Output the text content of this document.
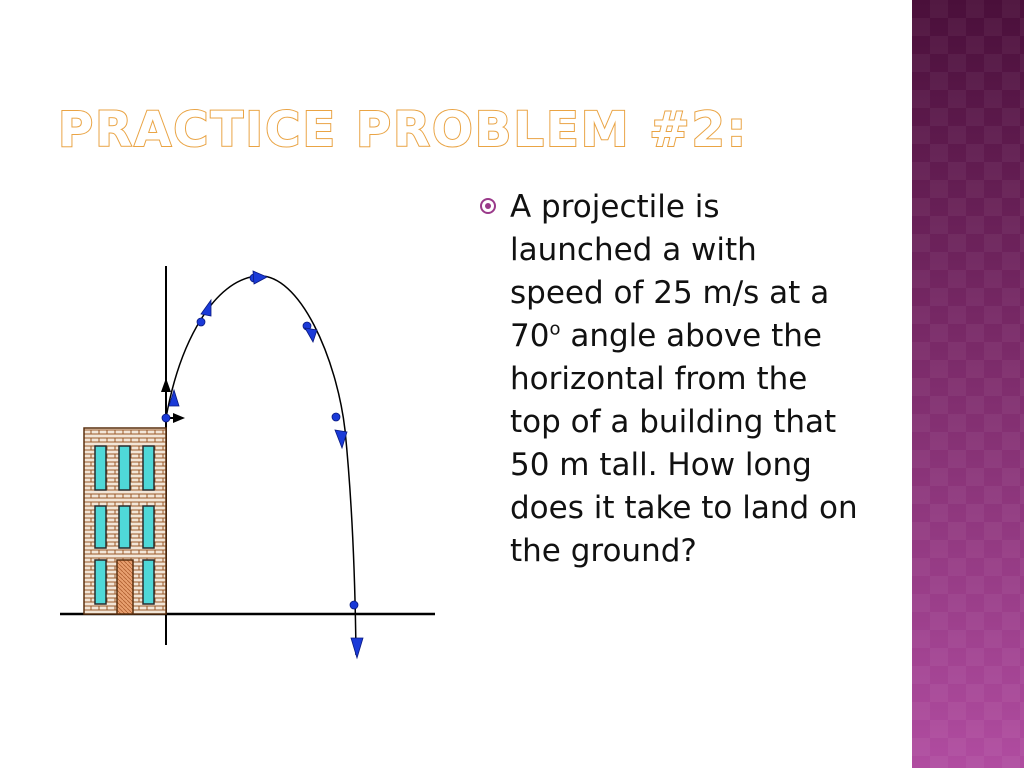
PRACTICE PROBLEM #2:
A projectile is launched a with speed of 25 m/s at a 70$^o$ angle above the horizontal from the top of a building that 50 m tall. How long does it take to land on the ground?
